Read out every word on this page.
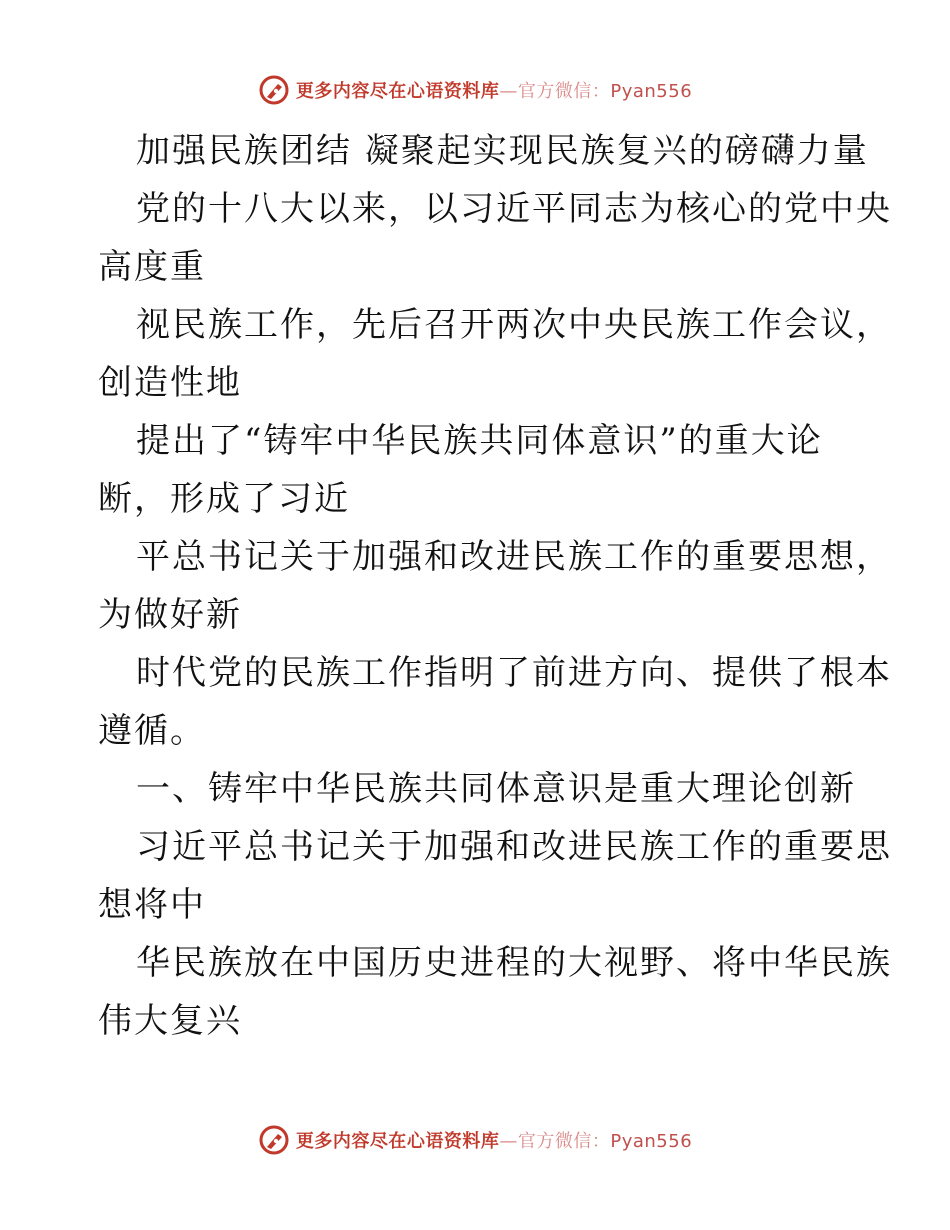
更多内容尽在心语资料库—官方微信：Pyan556
加强民族团结 凝聚起实现民族复兴的磅礴力量
党的十八大以来，以习近平同志为核心的党中央
高度重
视民族工作，先后召开两次中央民族工作会议，
创造性地
提出了“铸牢中华民族共同体意识”的重大论
断，形成了习近
平总书记关于加强和改进民族工作的重要思想，
为做好新
时代党的民族工作指明了前进方向、提供了根本
遵循。
一、铸牢中华民族共同体意识是重大理论创新
习近平总书记关于加强和改进民族工作的重要思
想将中
华民族放在中国历史进程的大视野、将中华民族
伟大复兴
更多内容尽在心语资料库—官方微信：Pyan556
